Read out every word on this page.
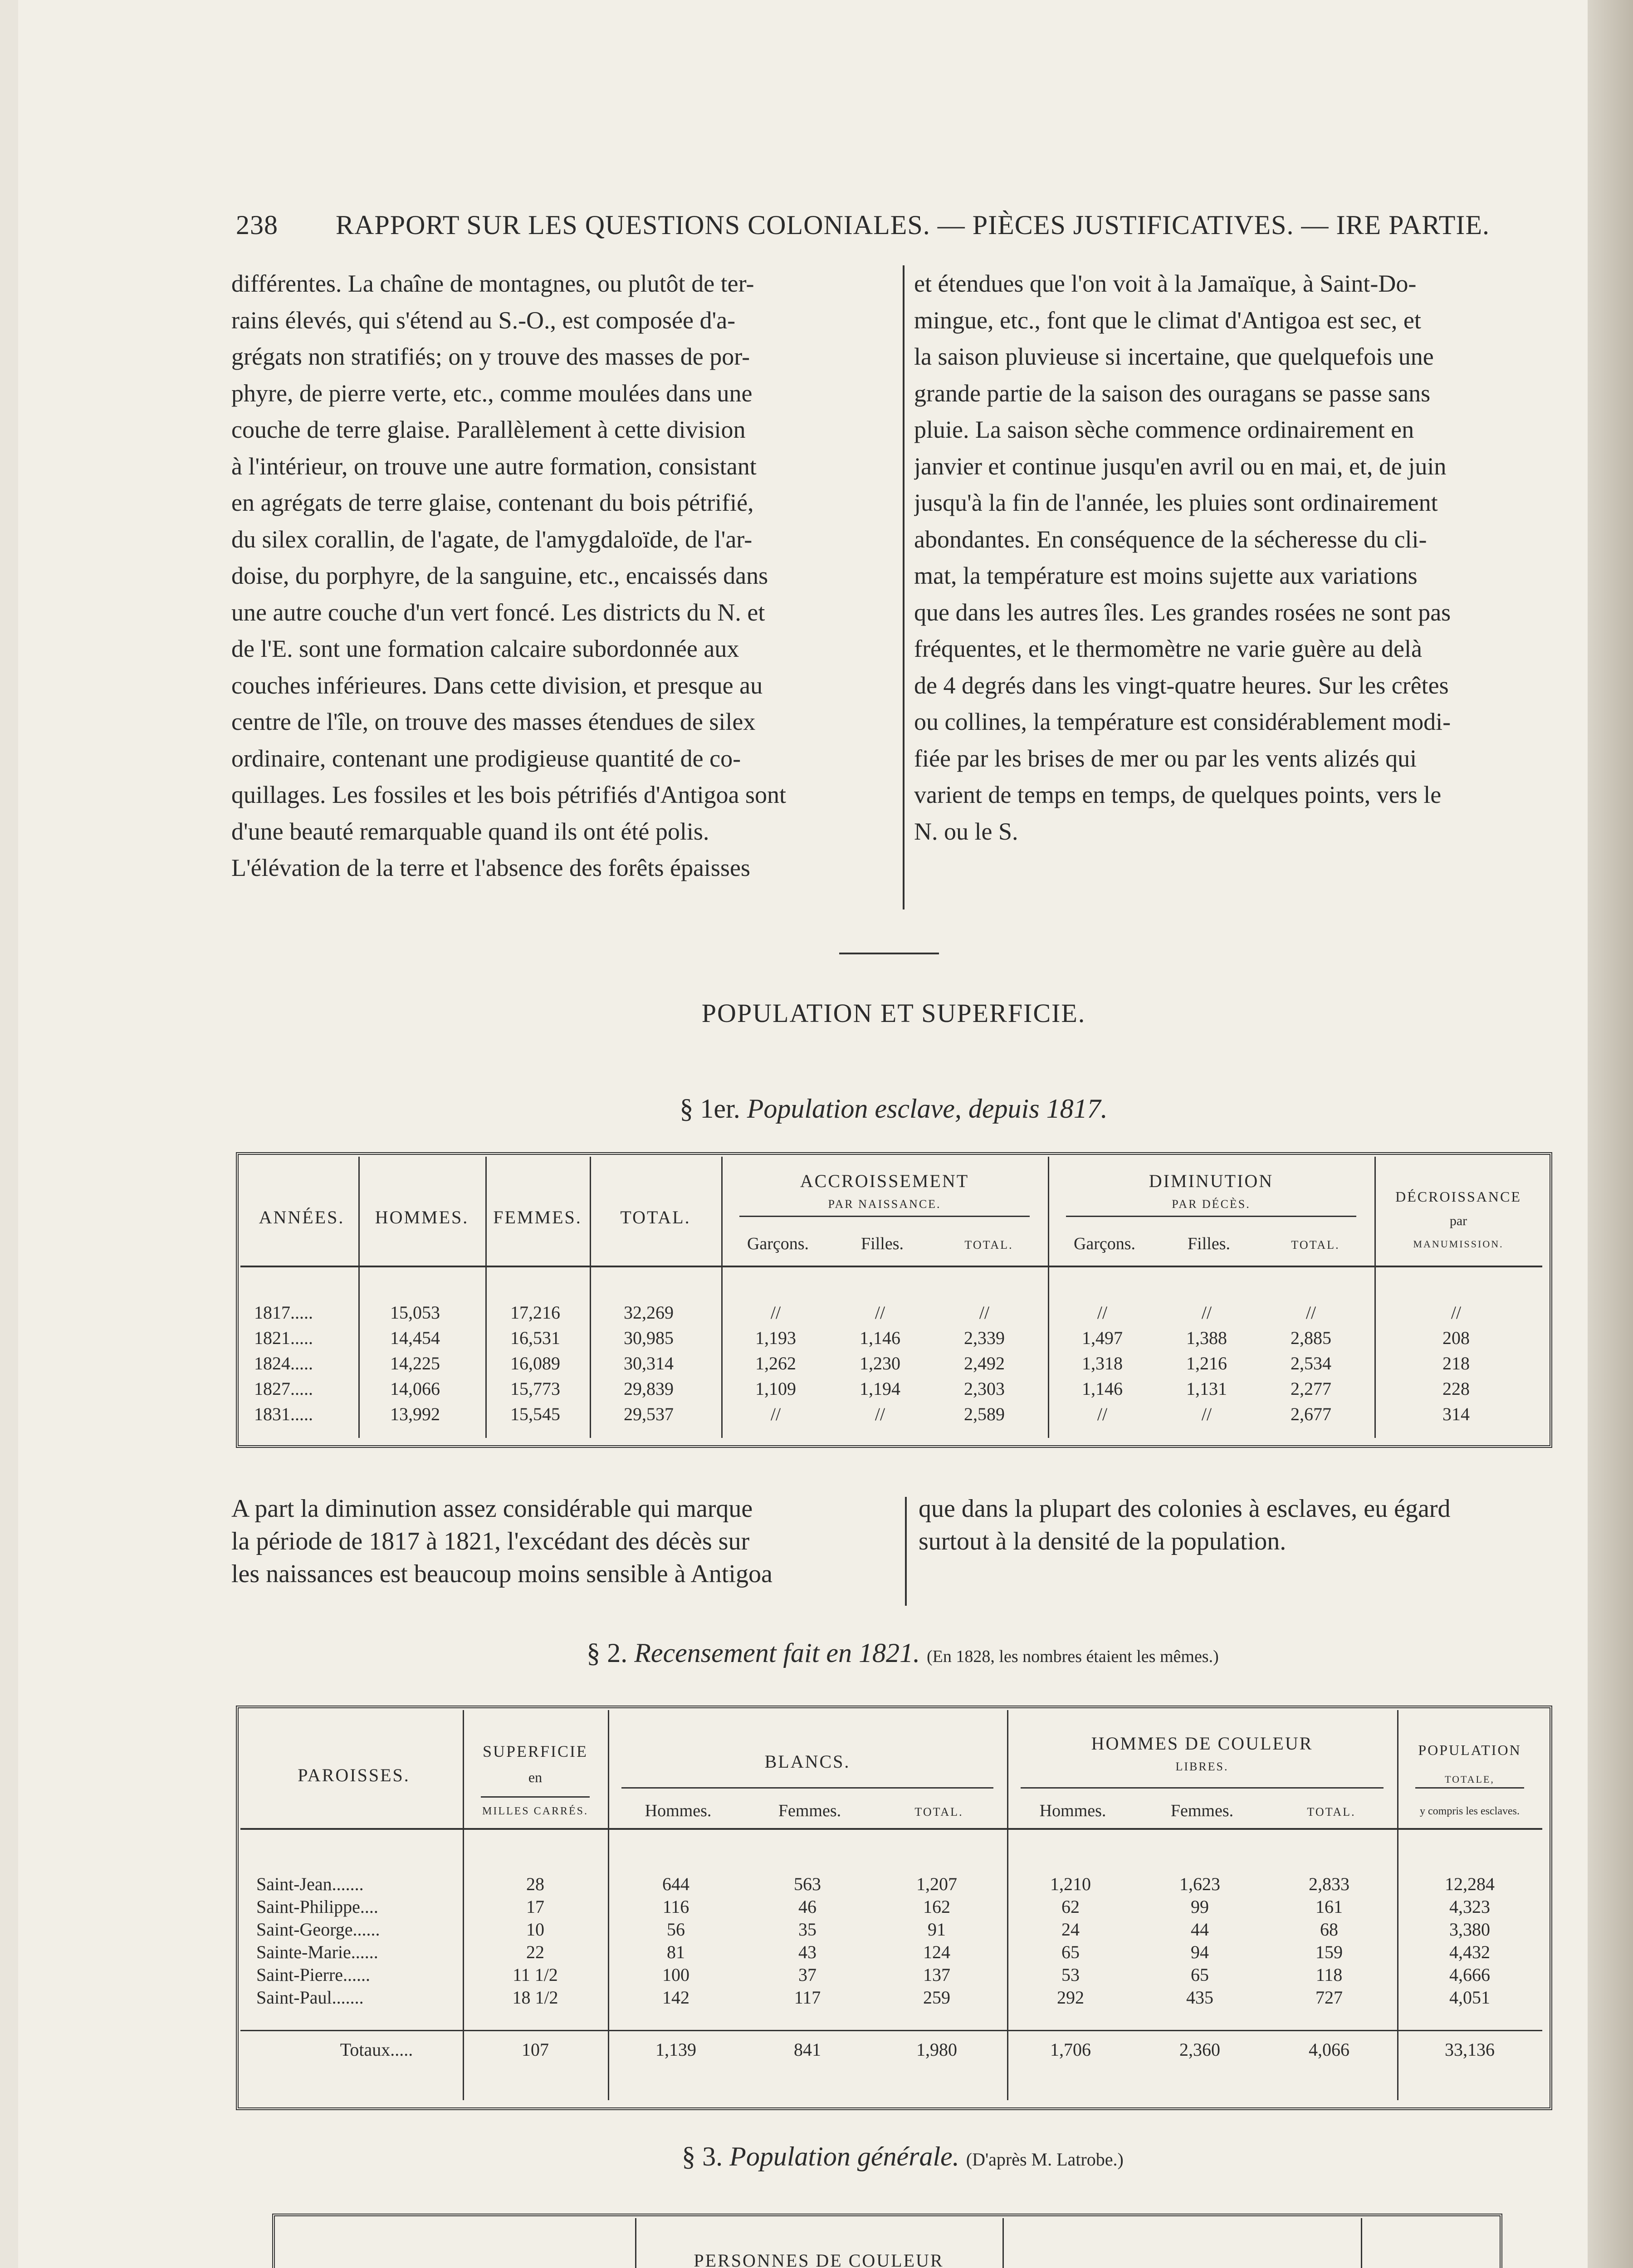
238 RAPPORT SUR LES QUESTIONS COLONIALES. — PIÈCES JUSTIFICATIVES. — IRE PARTIE.
différentes. La chaîne de montagnes, ou plutôt de ter-
rains élevés, qui s'étend au S.-O., est composée d'a-
grégats non stratifiés; on y trouve des masses de por-
phyre, de pierre verte, etc., comme moulées dans une
couche de terre glaise. Parallèlement à cette division
à l'intérieur, on trouve une autre formation, consistant
en agrégats de terre glaise, contenant du bois pétrifié,
du silex corallin, de l'agate, de l'amygdaloïde, de l'ar-
doise, du porphyre, de la sanguine, etc., encaissés dans
une autre couche d'un vert foncé. Les districts du N. et
de l'E. sont une formation calcaire subordonnée aux
couches inférieures. Dans cette division, et presque au
centre de l'île, on trouve des masses étendues de silex
ordinaire, contenant une prodigieuse quantité de co-
quillages. Les fossiles et les bois pétrifiés d'Antigoa sont
d'une beauté remarquable quand ils ont été polis.
L'élévation de la terre et l'absence des forêts épaisses
et étendues que l'on voit à la Jamaïque, à Saint-Do-
mingue, etc., font que le climat d'Antigoa est sec, et
la saison pluvieuse si incertaine, que quelquefois une
grande partie de la saison des ouragans se passe sans
pluie. La saison sèche commence ordinairement en
janvier et continue jusqu'en avril ou en mai, et, de juin
jusqu'à la fin de l'année, les pluies sont ordinairement
abondantes. En conséquence de la sécheresse du cli-
mat, la température est moins sujette aux variations
que dans les autres îles. Les grandes rosées ne sont pas
fréquentes, et le thermomètre ne varie guère au delà
de 4 degrés dans les vingt-quatre heures. Sur les crêtes
ou collines, la température est considérablement modi-
fiée par les brises de mer ou par les vents alizés qui
varient de temps en temps, de quelques points, vers le
N. ou le S.
POPULATION ET SUPERFICIE.
§ 1er. Population esclave, depuis 1817.
ANNÉES.	HOMMES.	FEMMES.	TOTAL.
ACCROISSEMENT
PAR NAISSANCE.
DIMINUTION
PAR DÉCÈS.
Garçons.	Filles.	TOTAL.	Garçons.	Filles.	TOTAL.
DÉCROISSANCE
par
MANUMISSION.
1817.....	15,053	17,216	32,269	//	//	//	//	//	//	//
1821.....	14,454	16,531	30,985	1,193	1,146	2,339	1,497	1,388	2,885	208
1824.....	14,225	16,089	30,314	1,262	1,230	2,492	1,318	1,216	2,534	218
1827.....	14,066	15,773	29,839	1,109	1,194	2,303	1,146	1,131	2,277	228
1831.....	13,992	15,545	29,537	//	//	2,589	//	//	2,677	314
A part la diminution assez considérable qui marque
la période de 1817 à 1821, l'excédant des décès sur
les naissances est beaucoup moins sensible à Antigoa
que dans la plupart des colonies à esclaves, eu égard
surtout à la densité de la population.
§ 2. Recensement fait en 1821. (En 1828, les nombres étaient les mêmes.)
PAROISSES.
SUPERFICIE
en
MILLES CARRÉS.
BLANCS.
HOMMES DE COULEUR
LIBRES.
Hommes.	Femmes.	TOTAL.	Hommes.	Femmes.	TOTAL.
POPULATION
TOTALE,
y compris les esclaves.
Saint-Jean.......	28	644	563	1,207	1,210	1,623	2,833	12,284
Saint-Philippe....	17	116	46	162	62	99	161	4,323
Saint-George......	10	56	35	91	24	44	68	3,380
Sainte-Marie......	22	81	43	124	65	94	159	4,432
Saint-Pierre......	11 1/2	100	37	137	53	65	118	4,666
Saint-Paul.......	18 1/2	142	117	259	292	435	727	4,051
Totaux.....	107	1,139	841	1,980	1,706	2,360	4,066	33,136
§ 3. Population générale. (D'après M. Latrobe.)
PERSONNES DE COULEUR
